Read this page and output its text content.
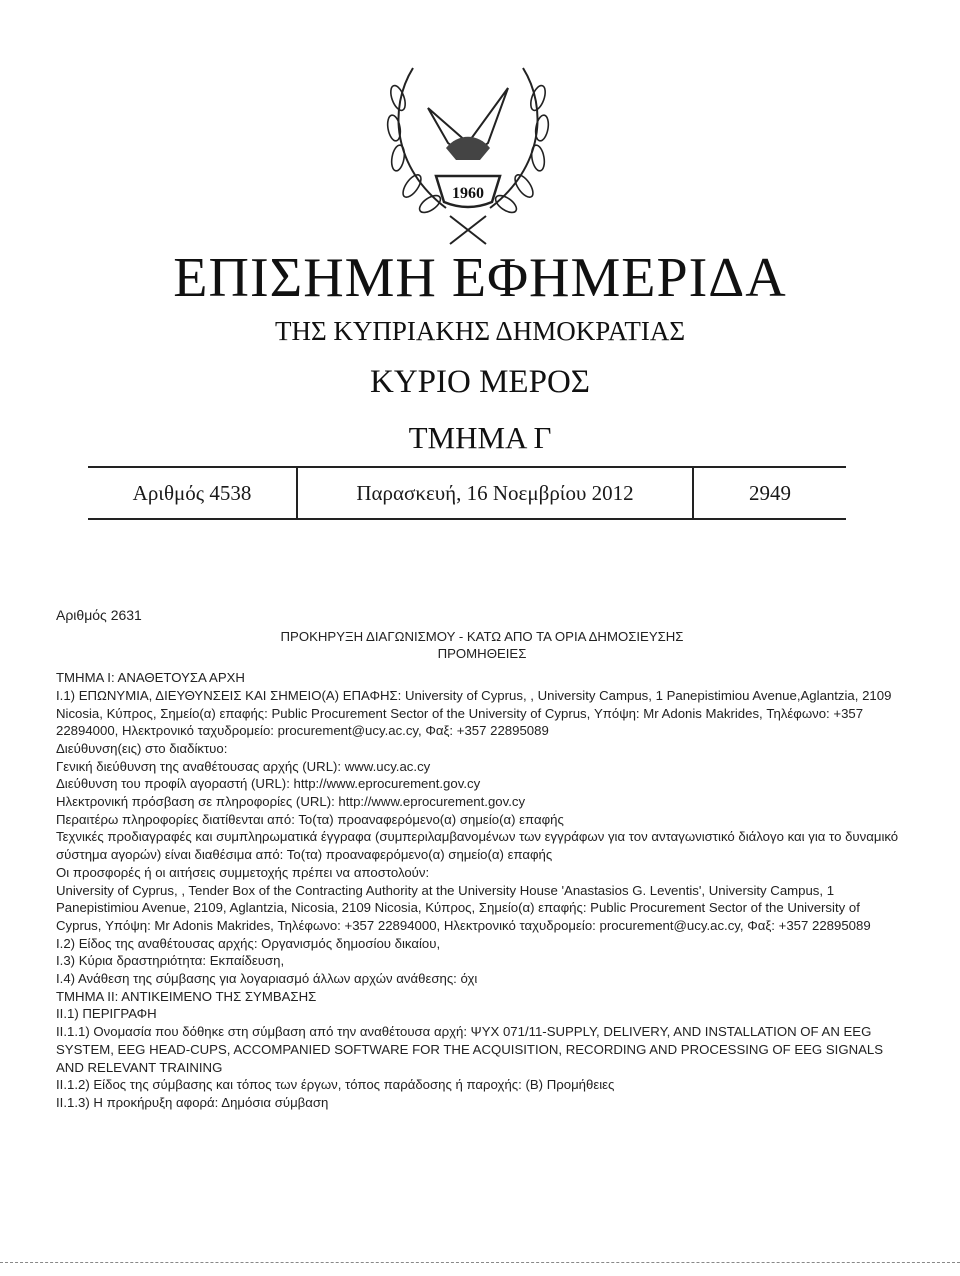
1960
ΕΠΙΣΗΜΗ ΕΦΗΜΕΡΙΔΑ
ΤΗΣ ΚΥΠΡΙΑΚΗΣ ΔΗΜΟΚΡΑΤΙΑΣ
ΚΥΡΙΟ ΜΕΡΟΣ
ΤΜΗΜΑ Γ
Αριθμός 4538	Παρασκευή, 16 Νοεμβρίου 2012	2949

Αριθμός 2631

ΠΡΟΚΗΡΥΞΗ ΔΙΑΓΩΝΙΣΜΟΥ - ΚΑΤΩ ΑΠΟ ΤΑ ΟΡΙΑ ΔΗΜΟΣΙΕΥΣΗΣ

ΠΡΟΜΗΘΕΙΕΣ

ΤΜΗΜΑ Ι: ΑΝΑΘΕΤΟΥΣΑ ΑΡΧΗ

Ι.1) ΕΠΩΝΥΜΙΑ, ΔΙΕΥΘΥΝΣΕΙΣ ΚΑΙ ΣΗΜΕΙΟ(Α) ΕΠΑΦΗΣ: University of Cyprus, , University Campus, 1 Panepistimiou Avenue,Aglantzia, 2109 Nicosia, Κύπρος, Σημείο(α) επαφής: Public Procurement Sector of the University of Cyprus, Υπόψη: Mr Adonis Makrides, Τηλέφωνο: +357 22894000, Ηλεκτρονικό ταχυδρομείο: procurement@ucy.ac.cy, Φαξ: +357 22895089

Διεύθυνση(εις) στο διαδίκτυο:

Γενική διεύθυνση της αναθέτουσας αρχής (URL): www.ucy.ac.cy

Διεύθυνση του προφίλ αγοραστή (URL): http://www.eprocurement.gov.cy

Ηλεκτρονική πρόσβαση σε πληροφορίες (URL): http://www.eprocurement.gov.cy

Περαιτέρω πληροφορίες διατίθενται από: Το(τα) προαναφερόμενο(α) σημείο(α) επαφής

Τεχνικές προδιαγραφές και συμπληρωματικά έγγραφα (συμπεριλαμβανομένων των εγγράφων για τον ανταγωνιστικό διάλογο και για το δυναμικό σύστημα αγορών) είναι διαθέσιμα από: Το(τα) προαναφερόμενο(α) σημείο(α) επαφής

Οι προσφορές ή οι αιτήσεις συμμετοχής πρέπει να αποστολούν:

University of Cyprus, , Tender Box of the Contracting Authority at the University House 'Anastasios G. Leventis', University Campus, 1 Panepistimiou Avenue, 2109, Aglantzia, Nicosia, 2109 Nicosia, Κύπρος, Σημείο(α) επαφής: Public Procurement Sector of the University of Cyprus, Υπόψη: Mr Adonis Makrides, Τηλέφωνο: +357 22894000, Ηλεκτρονικό ταχυδρομείο: procurement@ucy.ac.cy, Φαξ: +357 22895089

Ι.2) Είδος της αναθέτουσας αρχής: Οργανισμός δημοσίου δικαίου,

Ι.3) Κύρια δραστηριότητα: Εκπαίδευση,

Ι.4) Ανάθεση της σύμβασης για λογαριασμό άλλων αρχών ανάθεσης: όχι

ΤΜΗΜΑ ΙΙ: ΑΝΤΙΚΕΙΜΕΝΟ ΤΗΣ ΣΥΜΒΑΣΗΣ

ΙΙ.1) ΠΕΡΙΓΡΑΦΗ

ΙΙ.1.1) Ονομασία που δόθηκε στη σύμβαση από την αναθέτουσα αρχή: ΨΥΧ 071/11-SUPPLY, DELIVERY, AND INSTALLATION OF AN EEG SYSTEM, EEG HEAD-CUPS, ACCOMPANIED SOFTWARE FOR THE ACQUISITION, RECORDING AND PROCESSING OF EEG SIGNALS AND RELEVANT TRAINING

ΙΙ.1.2) Είδος της σύμβασης και τόπος των έργων, τόπος παράδοσης ή παροχής: (Β) Προμήθειες

ΙΙ.1.3) Η προκήρυξη αφορά: Δημόσια σύμβαση
